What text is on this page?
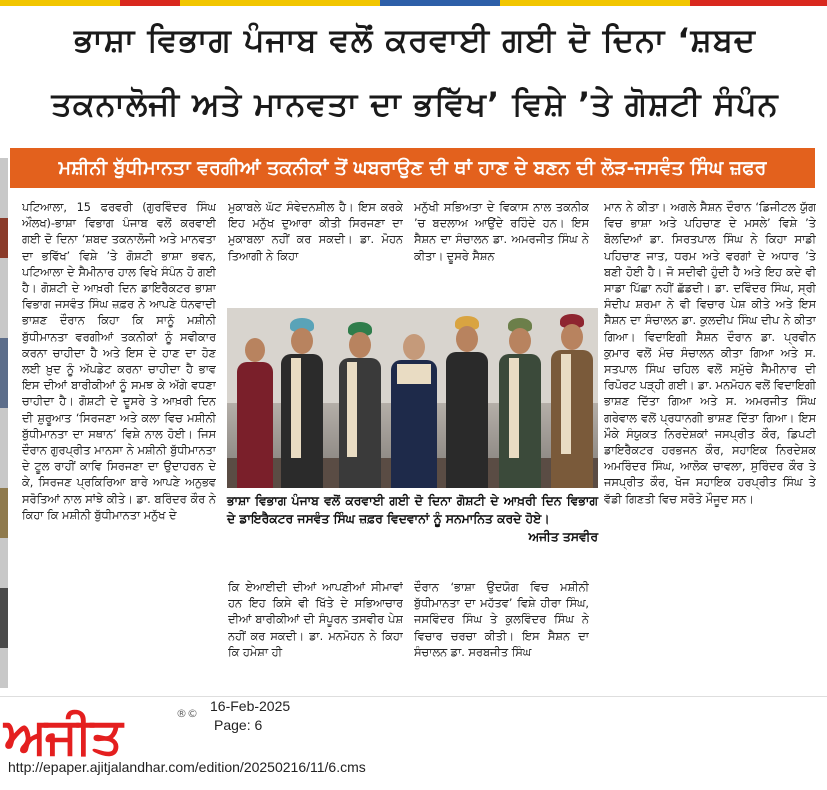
ਭਾਸ਼ਾ ਵਿਭਾਗ ਪੰਜਾਬ ਵਲੋਂ ਕਰਵਾਈ ਗਈ ਦੋ ਦਿਨਾ ‘ਸ਼ਬਦ
ਤਕਨਾਲੋਜੀ ਅਤੇ ਮਾਨਵਤਾ ਦਾ ਭਵਿੱਖ’ ਵਿਸ਼ੇ ’ਤੇ ਗੋਸ਼ਟੀ ਸੰਪੰਨ
ਮਸ਼ੀਨੀ ਬੁੱਧੀਮਾਨਤਾ ਵਰਗੀਆਂ ਤਕਨੀਕਾਂ ਤੋਂ ਘਬਰਾਉਣ ਦੀ ਥਾਂ ਹਾਣ ਦੇ ਬਣਨ ਦੀ ਲੋੜ-ਜਸਵੰਤ ਸਿੰਘ ਜ਼ਫਰ
ਪਟਿਆਲਾ, 15 ਫਰਵਰੀ (ਗੁਰਵਿੰਦਰ ਸਿੰਘ ਔਲਖ)-ਭਾਸ਼ਾ ਵਿਭਾਗ ਪੰਜਾਬ ਵਲੋਂ ਕਰਵਾਈ ਗਈ ਦੋ ਦਿਨਾ ‘ਸ਼ਬਦ ਤਕਨਾਲੋਜੀ ਅਤੇ ਮਾਨਵਤਾ ਦਾ ਭਵਿੱਖ’ ਵਿਸ਼ੇ ’ਤੇ ਗੋਸ਼ਟੀ ਭਾਸ਼ਾ ਭਵਨ, ਪਟਿਆਲਾ ਦੇ ਸੈਮੀਨਾਰ ਹਾਲ ਵਿਖੇ ਸੰਪੰਨ ਹੋ ਗਈ ਹੈ। ਗੋਸ਼ਟੀ ਦੇ ਆਖ਼ਰੀ ਦਿਨ ਡਾਇਰੈਕਟਰ ਭਾਸ਼ਾ ਵਿਭਾਗ ਜਸਵੰਤ ਸਿੰਘ ਜ਼ਫ਼ਰ ਨੇ ਆਪਣੇ ਧੰਨਵਾਦੀ ਭਾਸ਼ਣ ਦੌਰਾਨ ਕਿਹਾ ਕਿ ਸਾਨੂੰ ਮਸ਼ੀਨੀ ਬੁੱਧੀਮਾਨਤਾ ਵਰਗੀਆਂ ਤਕਨੀਕਾਂ ਨੂੰ ਸਵੀਕਾਰ ਕਰਨਾ ਚਾਹੀਦਾ ਹੈ ਅਤੇ ਇਸ ਦੇ ਹਾਣ ਦਾ ਹੋਣ ਲਈ ਖ਼ੁਦ ਨੂੰ ਅੱਪਡੇਟ ਕਰਨਾ ਚਾਹੀਦਾ ਹੈ ਭਾਵ ਇਸ ਦੀਆਂ ਬਾਰੀਕੀਆਂ ਨੂੰ ਸਮਝ ਕੇ ਅੱਗੇ ਵਧਣਾ ਚਾਹੀਦਾ ਹੈ। ਗੋਸ਼ਟੀ ਦੇ ਦੂਸਰੇ ਤੇ ਆਖ਼ਰੀ ਦਿਨ ਦੀ ਸ਼ੁਰੂਆਤ ‘ਸਿਰਜਣਾ ਅਤੇ ਕਲਾ ਵਿਚ ਮਸ਼ੀਨੀ ਬੁੱਧੀਮਾਨਤਾ ਦਾ ਸਥਾਨ’ ਵਿਸ਼ੇ ਨਾਲ ਹੋਈ। ਜਿਸ ਦੌਰਾਨ ਗੁਰਪ੍ਰੀਤ ਮਾਨਸਾ ਨੇ ਮਸ਼ੀਨੀ ਬੁੱਧੀਮਾਨਤਾ ਦੇ ਟੂਲ ਰਾਹੀਂ ਕਾਵਿ ਸਿਰਜਣਾ ਦਾ ਉਦਾਹਰਨ ਦੇ ਕੇ, ਸਿਰਜਣ ਪ੍ਰਕਿਰਿਆ ਬਾਰੇ ਆਪਣੇ ਅਨੁਭਵ ਸਰੋਤਿਆਂ ਨਾਲ ਸਾਂਝੇ ਕੀਤੇ। ਡਾ. ਬਰਿੰਦਰ ਕੌਰ ਨੇ ਕਿਹਾ ਕਿ ਮਸ਼ੀਨੀ ਬੁੱਧੀਮਾਨਤਾ ਮਨੁੱਖ ਦੇ
ਮੁਕਾਬਲੇ ਘੱਟ ਸੰਵੇਦਨਸ਼ੀਲ ਹੈ। ਇਸ ਕਰਕੇ ਇਹ ਮਨੁੱਖ ਦੁਆਰਾ ਕੀਤੀ ਸਿਰਜਣਾ ਦਾ ਮੁਕਾਬਲਾ ਨਹੀਂ ਕਰ ਸਕਦੀ। ਡਾ. ਮੋਹਨ ਤਿਆਗੀ ਨੇ ਕਿਹਾ
ਮਨੁੱਖੀ ਸਭਿਅਤਾ ਦੇ ਵਿਕਾਸ ਨਾਲ ਤਕਨੀਕ ’ਚ ਬਦਲਾਅ ਆਉਂਦੇ ਰਹਿੰਦੇ ਹਨ। ਇਸ ਸੈਸ਼ਨ ਦਾ ਸੰਚਾਲਨ ਡਾ. ਅਮਰਜੀਤ ਸਿੰਘ ਨੇ ਕੀਤਾ। ਦੂਸਰੇ ਸੈਸ਼ਨ
ਮਾਨ ਨੇ ਕੀਤਾ। ਅਗਲੇ ਸੈਸ਼ਨ ਦੌਰਾਨ ‘ਡਿਜੀਟਲ ਯੁੱਗ ਵਿਚ ਭਾਸ਼ਾ ਅਤੇ ਪਹਿਚਾਣ ਦੇ ਮਸਲੇ’ ਵਿਸ਼ੇ ’ਤੇ ਬੋਲਦਿਆਂ ਡਾ. ਸਿਰਤਪਾਲ ਸਿੰਘ ਨੇ ਕਿਹਾ ਸਾਡੀ ਪਹਿਚਾਣ ਜਾਤ, ਧਰਮ ਅਤੇ ਵਰਗਾਂ ਦੇ ਅਧਾਰ ’ਤੇ ਬਣੀ ਹੋਈ ਹੈ। ਜੋ ਸਦੀਵੀ ਹੁੰਦੀ ਹੈ ਅਤੇ ਇਹ ਕਦੇ ਵੀ ਸਾਡਾ ਪਿੱਛਾ ਨਹੀਂ ਛੱਡਦੀ। ਡਾ. ਦਵਿੰਦਰ ਸਿੰਘ, ਸ੍ਰੀ ਸੰਦੀਪ ਸ਼ਰਮਾ ਨੇ ਵੀ ਵਿਚਾਰ ਪੇਸ਼ ਕੀਤੇ ਅਤੇ ਇਸ ਸੈਸ਼ਨ ਦਾ ਸੰਚਾਲਨ ਡਾ. ਕੁਲਦੀਪ ਸਿੰਘ ਦੀਪ ਨੇ ਕੀਤਾ ਗਿਆ। ਵਿਦਾਇਗੀ ਸੈਸ਼ਨ ਦੌਰਾਨ ਡਾ. ਪ੍ਰਵੀਨ ਕੁਮਾਰ ਵਲੋਂ ਮੰਚ ਸੰਚਾਲਨ ਕੀਤਾ ਗਿਆ ਅਤੇ ਸ. ਸਤਪਾਲ ਸਿੰਘ ਚਹਿਲ ਵਲੋਂ ਸਮੁੱਚੇ ਸੈਮੀਨਾਰ ਦੀ ਰਿਪੋਰਟ ਪੜ੍ਹੀ ਗਈ। ਡਾ. ਮਨਮੋਹਨ ਵਲੋਂ ਵਿਦਾਇਗੀ ਭਾਸ਼ਣ ਦਿੱਤਾ ਗਿਆ ਅਤੇ ਸ. ਅਮਰਜੀਤ ਸਿੰਘ ਗਰੇਵਾਲ ਵਲੋਂ ਪ੍ਰਧਾਨਗੀ ਭਾਸ਼ਣ ਦਿੱਤਾ ਗਿਆ। ਇਸ ਮੌਕੇ ਸੰਯੁਕਤ ਨਿਰਦੇਸ਼ਕਾਂ ਜਸਪ੍ਰੀਤ ਕੌਰ, ਡਿਪਟੀ ਡਾਇਰੈਕਟਰ ਹਰਭਜਨ ਕੌਰ, ਸਹਾਇਕ ਨਿਰਦੇਸ਼ਕ ਅਮਰਿੰਦਰ ਸਿੰਘ, ਆਲੋਕ ਚਾਵਲਾ, ਸੁਰਿੰਦਰ ਕੌਰ ਤੇ ਜਸਪ੍ਰੀਤ ਕੌਰ, ਖੋਜ ਸਹਾਇਕ ਹਰਪ੍ਰੀਤ ਸਿੰਘ ਤੇ ਵੱਡੀ ਗਿਣਤੀ ਵਿਚ ਸਰੋਤੇ ਮੌਜੂਦ ਸਨ।
ਭਾਸ਼ਾ ਵਿਭਾਗ ਪੰਜਾਬ ਵਲੋਂ ਕਰਵਾਈ ਗਈ ਦੋ ਦਿਨਾ ਗੋਸ਼ਟੀ ਦੇ ਆਖ਼ਰੀ ਦਿਨ ਵਿਭਾਗ ਦੇ ਡਾਇਰੈਕਟਰ ਜਸਵੰਤ ਸਿੰਘ ਜ਼ਫ਼ਰ ਵਿਦਵਾਨਾਂ ਨੂੰ ਸਨਮਾਨਿਤ ਕਰਦੇ ਹੋਏ।
ਅਜੀਤ ਤਸਵੀਰ
ਕਿ ਏਆਈਦੀ ਦੀਆਂ ਆਪਣੀਆਂ ਸੀਮਾਵਾਂ ਹਨ ਇਹ ਕਿਸੇ ਵੀ ਖਿੱਤੇ ਦੇ ਸਭਿਆਚਾਰ ਦੀਆਂ ਬਾਰੀਕੀਆਂ ਦੀ ਸੰਪੂਰਨ ਤਸਵੀਰ ਪੇਸ਼ ਨਹੀਂ ਕਰ ਸਕਦੀ। ਡਾ. ਮਨਮੋਹਨ ਨੇ ਕਿਹਾ ਕਿ ਹਮੇਸ਼ਾ ਹੀ
ਦੌਰਾਨ ‘ਭਾਸ਼ਾ ਉਦਯੋਗ ਵਿਚ ਮਸ਼ੀਨੀ ਬੁੱਧੀਮਾਨਤਾ ਦਾ ਮਹੱਤਵ’ ਵਿਸ਼ੇ ਹੀਰਾ ਸਿੰਘ, ਜਸਵਿੰਦਰ ਸਿੰਘ ਤੇ ਕੁਲਵਿੰਦਰ ਸਿੰਘ ਨੇ ਵਿਚਾਰ ਚਰਚਾ ਕੀਤੀ। ਇਸ ਸੈਸ਼ਨ ਦਾ ਸੰਚਾਲਨ ਡਾ. ਸਰਬਜੀਤ ਸਿੰਘ
ਅਜੀਤ	®© 16-Feb-2025
Page: 6
http://epaper.ajitjalandhar.com/edition/20250216/11/6.cms
